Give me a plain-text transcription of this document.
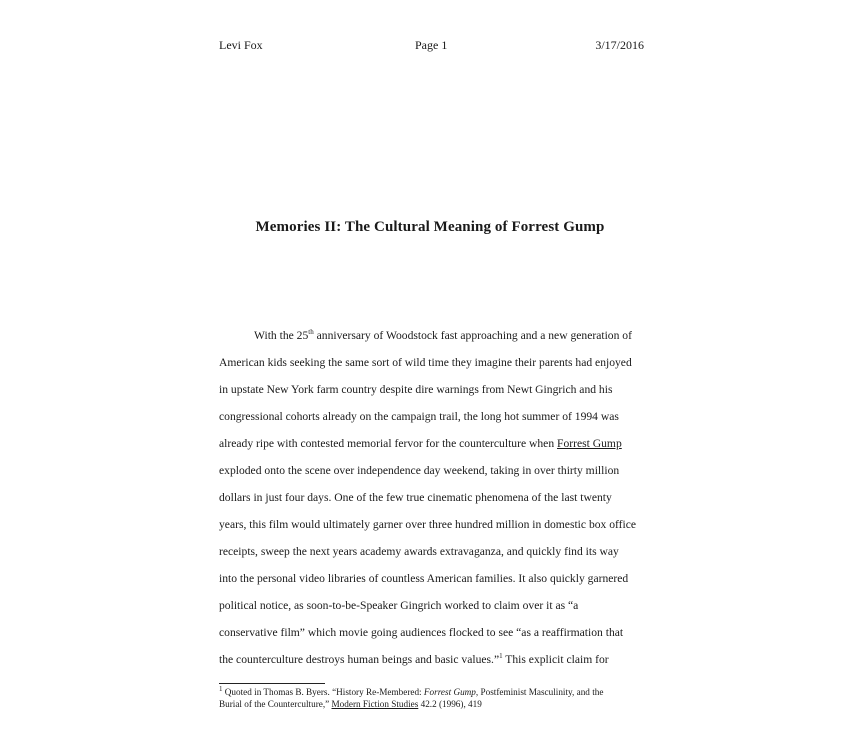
Levi Fox	Page 1	3/17/2016
Memories II: The Cultural Meaning of Forrest Gump
With the 25th anniversary of Woodstock fast approaching and a new generation of
American kids seeking the same sort of wild time they imagine their parents had enjoyed
in upstate New York farm country despite dire warnings from Newt Gingrich and his
congressional cohorts already on the campaign trail, the long hot summer of 1994 was
already ripe with contested memorial fervor for the counterculture when Forrest Gump
exploded onto the scene over independence day weekend, taking in over thirty million
dollars in just four days. One of the few true cinematic phenomena of the last twenty
years, this film would ultimately garner over three hundred million in domestic box office
receipts, sweep the next years academy awards extravaganza, and quickly find its way
into the personal video libraries of countless American families. It also quickly garnered
political notice, as soon-to-be-Speaker Gingrich worked to claim over it as “a
conservative film” which movie going audiences flocked to see “as a reaffirmation that
the counterculture destroys human beings and basic values.”$^1$ This explicit claim for
$^1$ Quoted in Thomas B. Byers. “History Re-Membered: Forrest Gump, Postfeminist Masculinity, and the
Burial of the Counterculture,” Modern Fiction Studies 42.2 (1996), 419
